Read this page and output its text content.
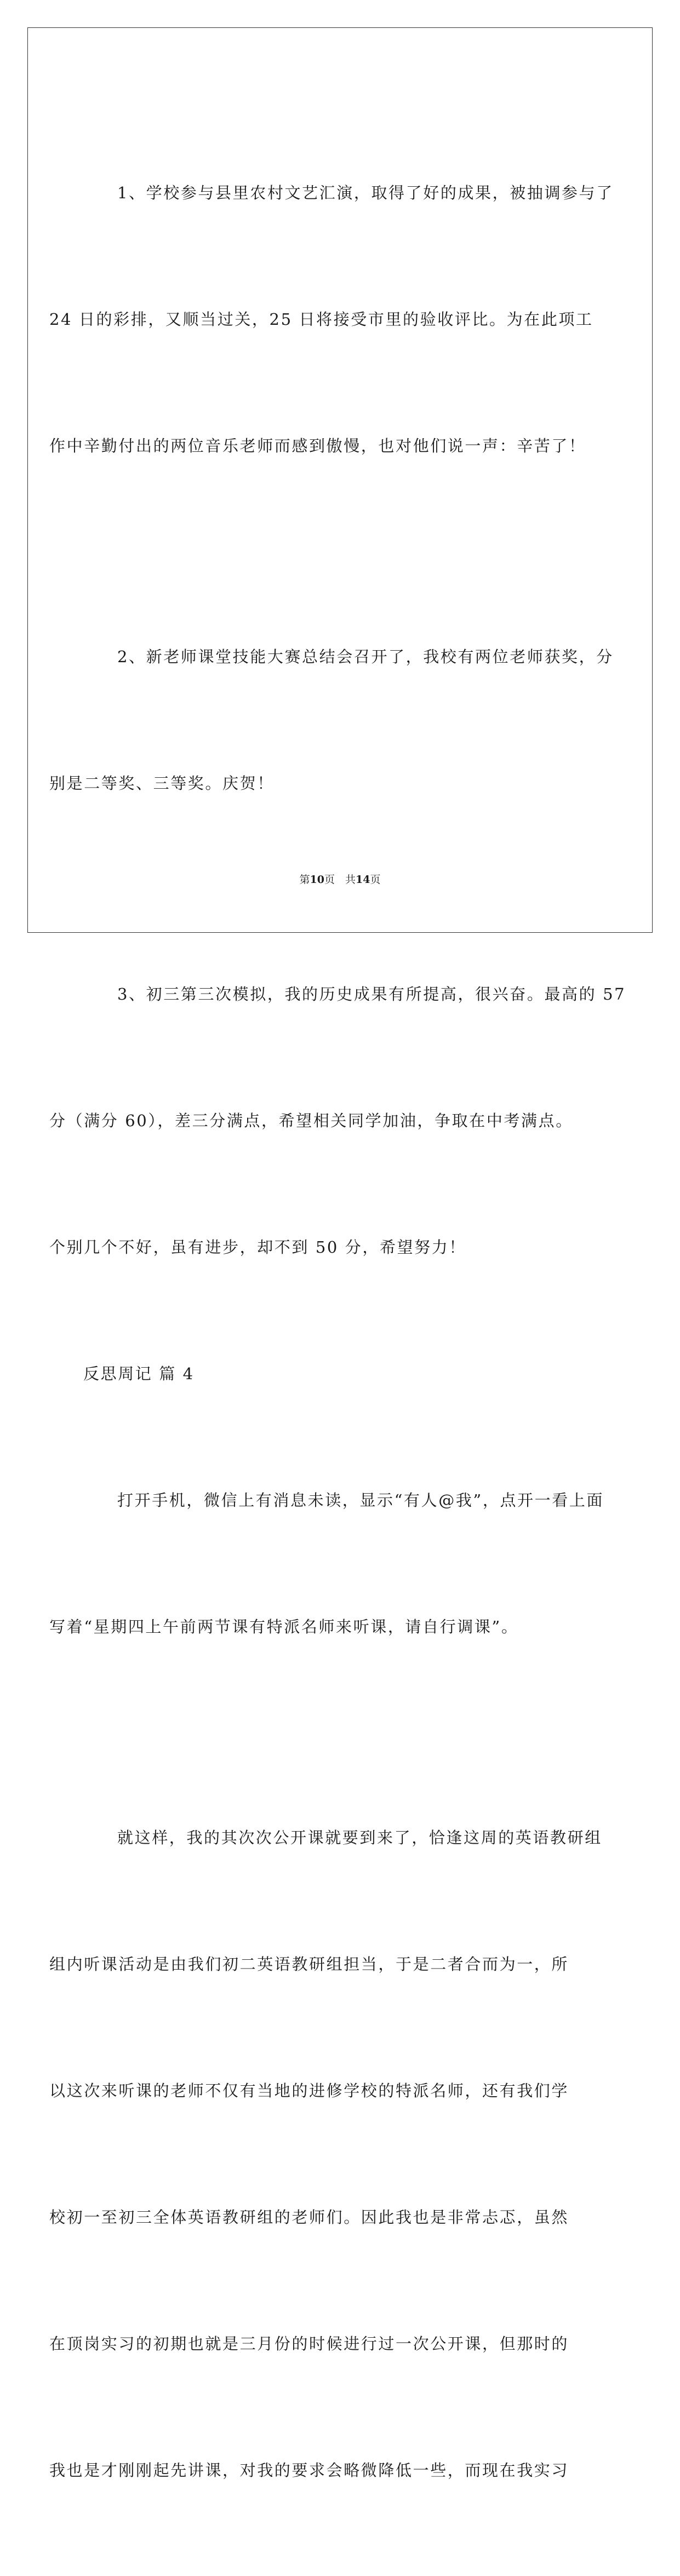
1、学校参与县里农村文艺汇演，取得了好的成果，被抽调参与了

24 日的彩排，又顺当过关，25 日将接受市里的验收评比。为在此项工

作中辛勤付出的两位音乐老师而感到傲慢，也对他们说一声：辛苦了！

2、新老师课堂技能大赛总结会召开了，我校有两位老师获奖，分

别是二等奖、三等奖。庆贺！

3、初三第三次模拟，我的历史成果有所提高，很兴奋。最高的 57

分（满分 60），差三分满点，希望相关同学加油，争取在中考满点。

个别几个不好，虽有进步，却不到 50 分，希望努力！

反思周记 篇 4

打开手机，微信上有消息未读，显示“有人@我”，点开一看上面

写着“星期四上午前两节课有特派名师来听课，请自行调课”。

就这样，我的其次次公开课就要到来了，恰逢这周的英语教研组

组内听课活动是由我们初二英语教研组担当，于是二者合而为一，所

以这次来听课的老师不仅有当地的进修学校的特派名师，还有我们学

校初一至初三全体英语教研组的老师们。因此我也是非常忐忑，虽然

在顶岗实习的初期也就是三月份的时候进行过一次公开课，但那时的

我也是才刚刚起先讲课，对我的要求会略微降低一些，而现在我实习

第10页　共14页
